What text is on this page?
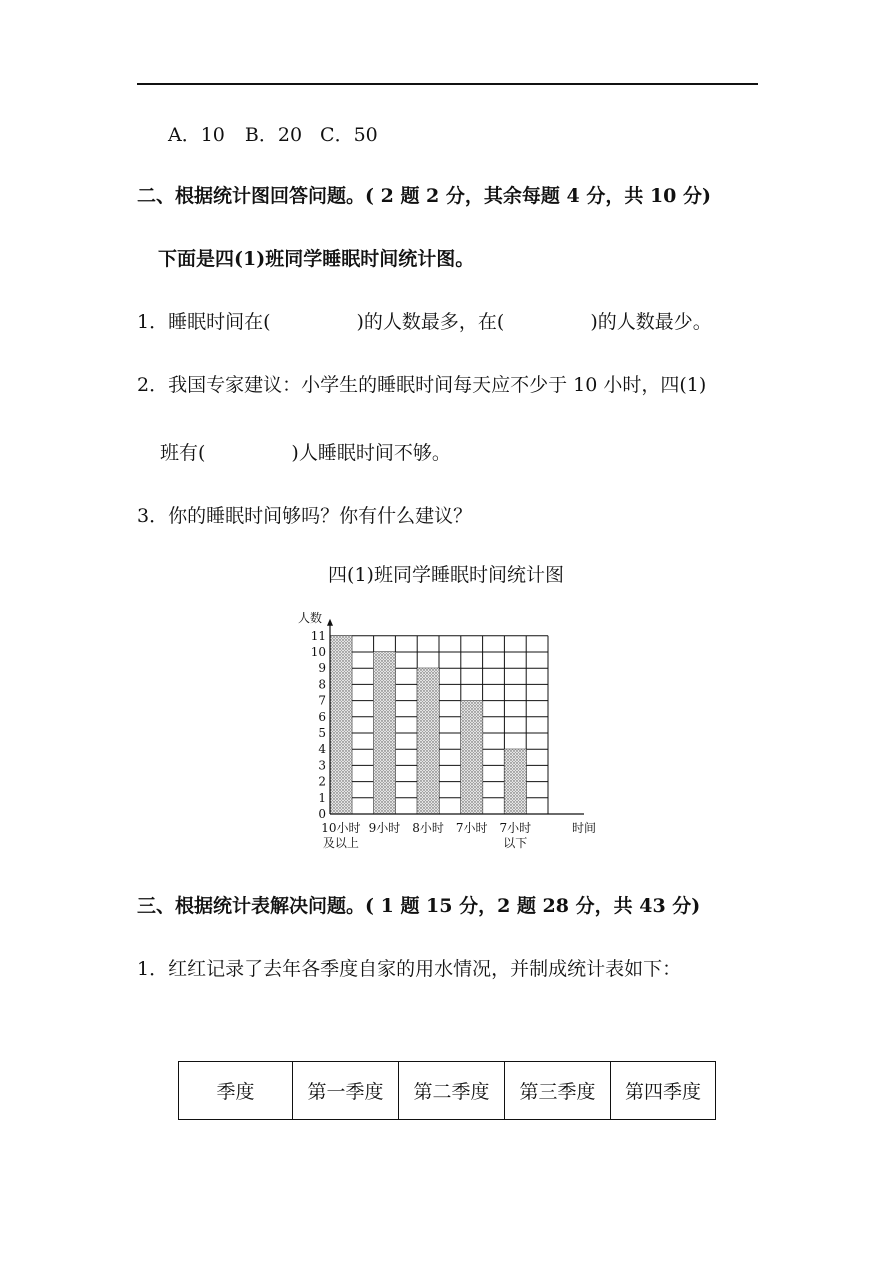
A．10 B．20 C．50
二、根据统计图回答问题。( 2 题 2 分，其余每题 4 分，共 10 分)
下面是四(1)班同学睡眠时间统计图。
1．睡眠时间在(	)的人数最多，在(	)的人数最少。
2．我国专家建议：小学生的睡眠时间每天应不少于 10 小时，四(1)
班有(	)人睡眠时间不够。
3．你的睡眠时间够吗？你有什么建议？
四(1)班同学睡眠时间统计图
0
1
2
3
4
5
6
7
8
9
10
11
人数
10小时
及以上
9小时 8小时 7小时 7小时
以下
时间
三、根据统计表解决问题。( 1 题 15 分，2 题 28 分，共 43 分)
1．红红记录了去年各季度自家的用水情况，并制成统计表如下：
季度	第一季度	第二季度	第三季度	第四季度
